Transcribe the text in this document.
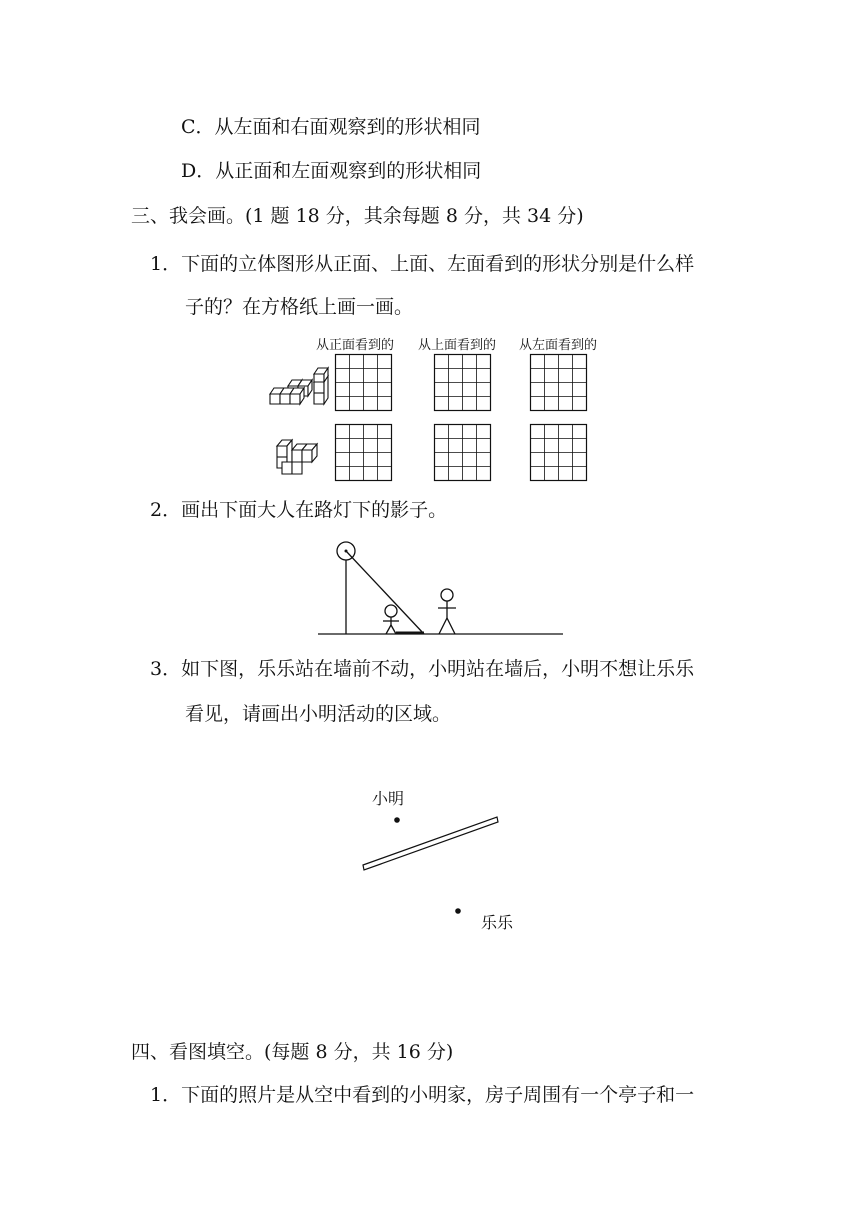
C．从左面和右面观察到的形状相同
D．从正面和左面观察到的形状相同
三、我会画。(1 题 18 分，其余每题 8 分，共 34 分)
1．下面的立体图形从正面、上面、左面看到的形状分别是什么样
子的？在方格纸上画一画。
从正面看到的 从上面看到的 从左面看到的
2．画出下面大人在路灯下的影子。
3．如下图，乐乐站在墙前不动，小明站在墙后，小明不想让乐乐
看见，请画出小明活动的区域。
小明
乐乐
四、看图填空。(每题 8 分，共 16 分)
1．下面的照片是从空中看到的小明家，房子周围有一个亭子和一
